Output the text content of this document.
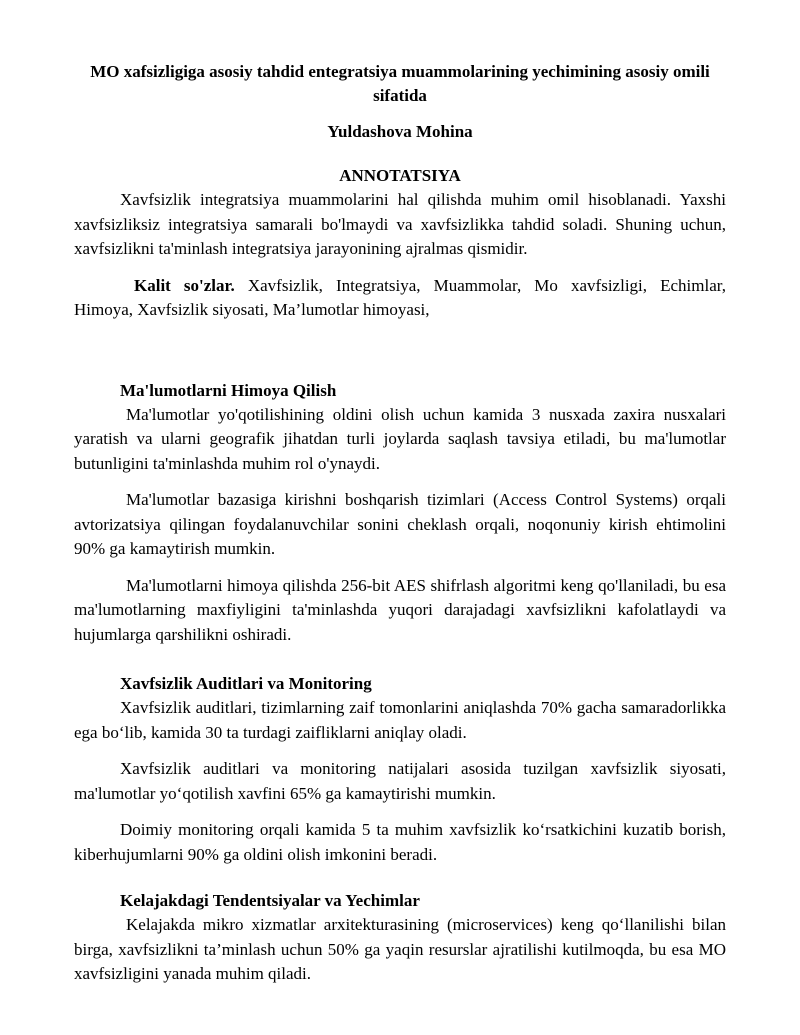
MO xafsizligiga asosiy tahdid entegratsiya muammolarining yechimining asosiy omili sifatida

Yuldashova Mohina

ANNOTATSIYA

Xavfsizlik integratsiya muammolarini hal qilishda muhim omil hisoblanadi. Yaxshi xavfsizliksiz integratsiya samarali bo'lmaydi va xavfsizlikka tahdid soladi. Shuning uchun, xavfsizlikni ta'minlash integratsiya jarayonining ajralmas qismidir.

Kalit so'zlar. Xavfsizlik, Integratsiya, Muammolar, Mo xavfsizligi, Echimlar, Himoya, Xavfsizlik siyosati, Ma’lumotlar himoyasi,

Ma'lumotlarni Himoya Qilish

Ma'lumotlar yo'qotilishining oldini olish uchun kamida 3 nusxada zaxira nusxalari yaratish va ularni geografik jihatdan turli joylarda saqlash tavsiya etiladi, bu ma'lumotlar butunligini ta'minlashda muhim rol o'ynaydi.

Ma'lumotlar bazasiga kirishni boshqarish tizimlari (Access Control Systems) orqali avtorizatsiya qilingan foydalanuvchilar sonini cheklash orqali, noqonuniy kirish ehtimolini 90% ga kamaytirish mumkin.

Ma'lumotlarni himoya qilishda 256-bit AES shifrlash algoritmi keng qo'llaniladi, bu esa ma'lumotlarning maxfiyligini ta'minlashda yuqori darajadagi xavfsizlikni kafolatlaydi va hujumlarga qarshilikni oshiradi.

Xavfsizlik Auditlari va Monitoring

Xavfsizlik auditlari, tizimlarning zaif tomonlarini aniqlashda 70% gacha samaradorlikka ega bo‘lib, kamida 30 ta turdagi zaifliklarni aniqlay oladi.

Xavfsizlik auditlari va monitoring natijalari asosida tuzilgan xavfsizlik siyosati, ma'lumotlar yo‘qotilish xavfini 65% ga kamaytirishi mumkin.

Doimiy monitoring orqali kamida 5 ta muhim xavfsizlik ko‘rsatkichini kuzatib borish, kiberhujumlarni 90% ga oldini olish imkonini beradi.

Kelajakdagi Tendentsiyalar va Yechimlar

Kelajakda mikro xizmatlar arxitekturasining (microservices) keng qo‘llanilishi bilan birga, xavfsizlikni ta’minlash uchun 50% ga yaqin resurslar ajratilishi kutilmoqda, bu esa MO xavfsizligini yanada muhim qiladi.
